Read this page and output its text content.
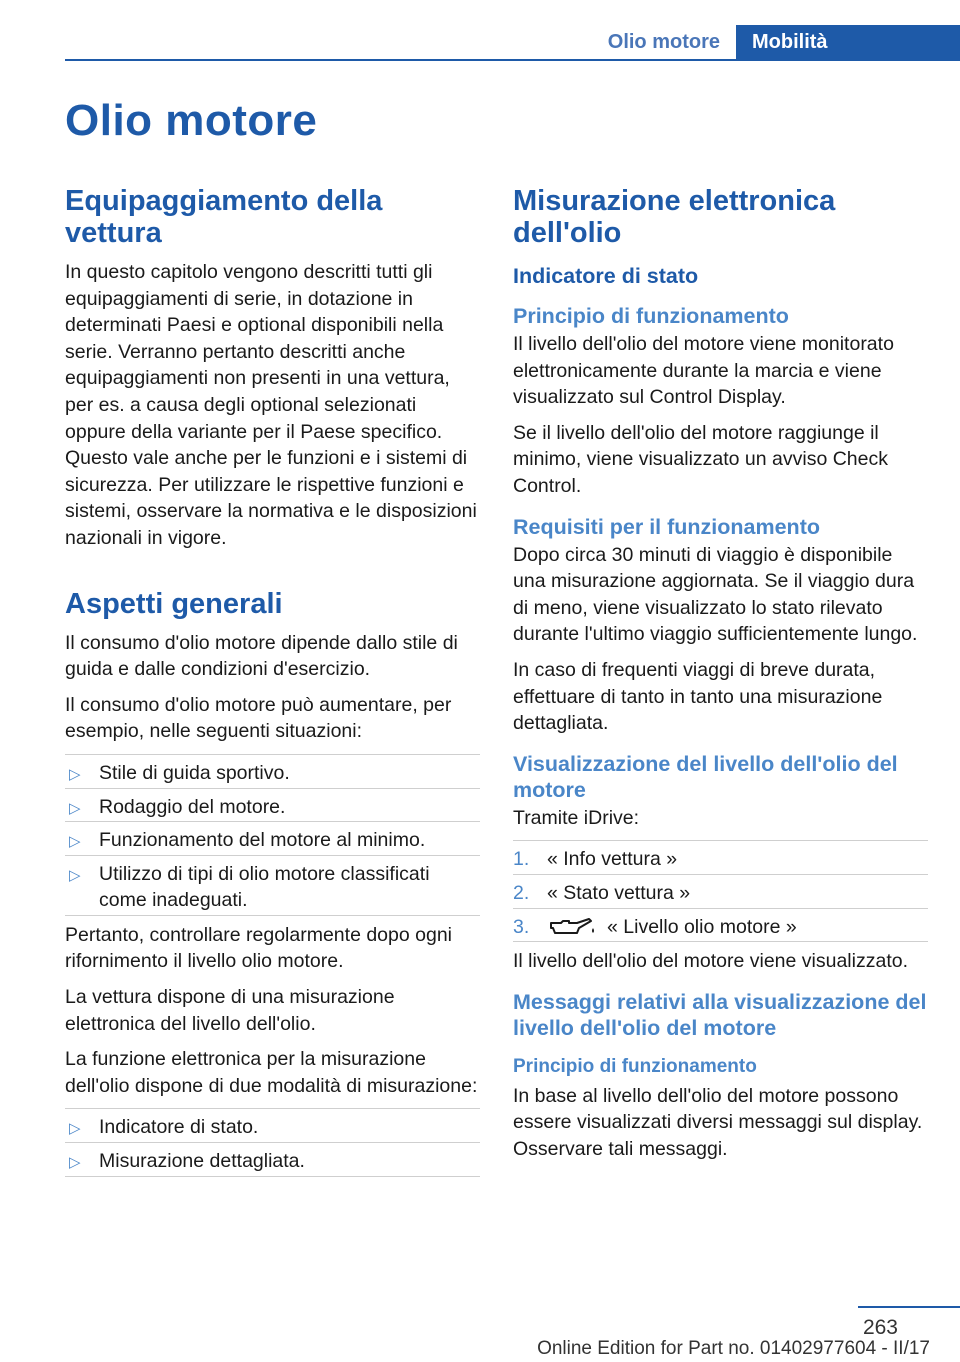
Olio motore	Mobilità
Olio motore
Equipaggiamento della vettura

In questo capitolo vengono descritti tutti gli equipaggiamenti di serie, in dotazione in determinati Paesi e optional disponibili nella serie. Verranno pertanto descritti anche equipaggiamenti non presenti in una vettura, per es. a causa degli optional selezionati oppure della variante per il Paese specifico. Questo vale anche per le funzioni e i sistemi di sicurezza. Per utilizzare le rispettive funzioni e sistemi, osservare la normativa e le disposizioni nazionali in vigore.

Aspetti generali

Il consumo d'olio motore dipende dallo stile di guida e dalle condizioni d'esercizio.

Il consumo d'olio motore può aumentare, per esempio, nelle seguenti situazioni:

▷ Stile di guida sportivo.
▷ Rodaggio del motore.
▷ Funzionamento del motore al minimo.
▷ Utilizzo di tipi di olio motore classificati come inadeguati.

Pertanto, controllare regolarmente dopo ogni rifornimento il livello olio motore.

La vettura dispone di una misurazione elettronica del livello dell'olio.

La funzione elettronica per la misurazione dell'olio dispone di due modalità di misurazione:

▷ Indicatore di stato.
▷ Misurazione dettagliata.
Misurazione elettronica dell'olio
Indicatore di stato
Principio di funzionamento

Il livello dell'olio del motore viene monitorato elettronicamente durante la marcia e viene visualizzato sul Control Display.

Se il livello dell'olio del motore raggiunge il minimo, viene visualizzato un avviso Check Control.

Requisiti per il funzionamento

Dopo circa 30 minuti di viaggio è disponibile una misurazione aggiornata. Se il viaggio dura di meno, viene visualizzato lo stato rilevato durante l'ultimo viaggio sufficientemente lungo.

In caso di frequenti viaggi di breve durata, effettuare di tanto in tanto una misurazione dettagliata.

Visualizzazione del livello dell'olio del motore

Tramite iDrive:

1. « Info vettura »
2. « Stato vettura »
3.	« Livello olio motore »

Il livello dell'olio del motore viene visualizzato.

Messaggi relativi alla visualizzazione del livello dell'olio del motore
Principio di funzionamento

In base al livello dell'olio del motore possono essere visualizzati diversi messaggi sul display. Osservare tali messaggi.

263
Online Edition for Part no. 01402977604 - II/17
